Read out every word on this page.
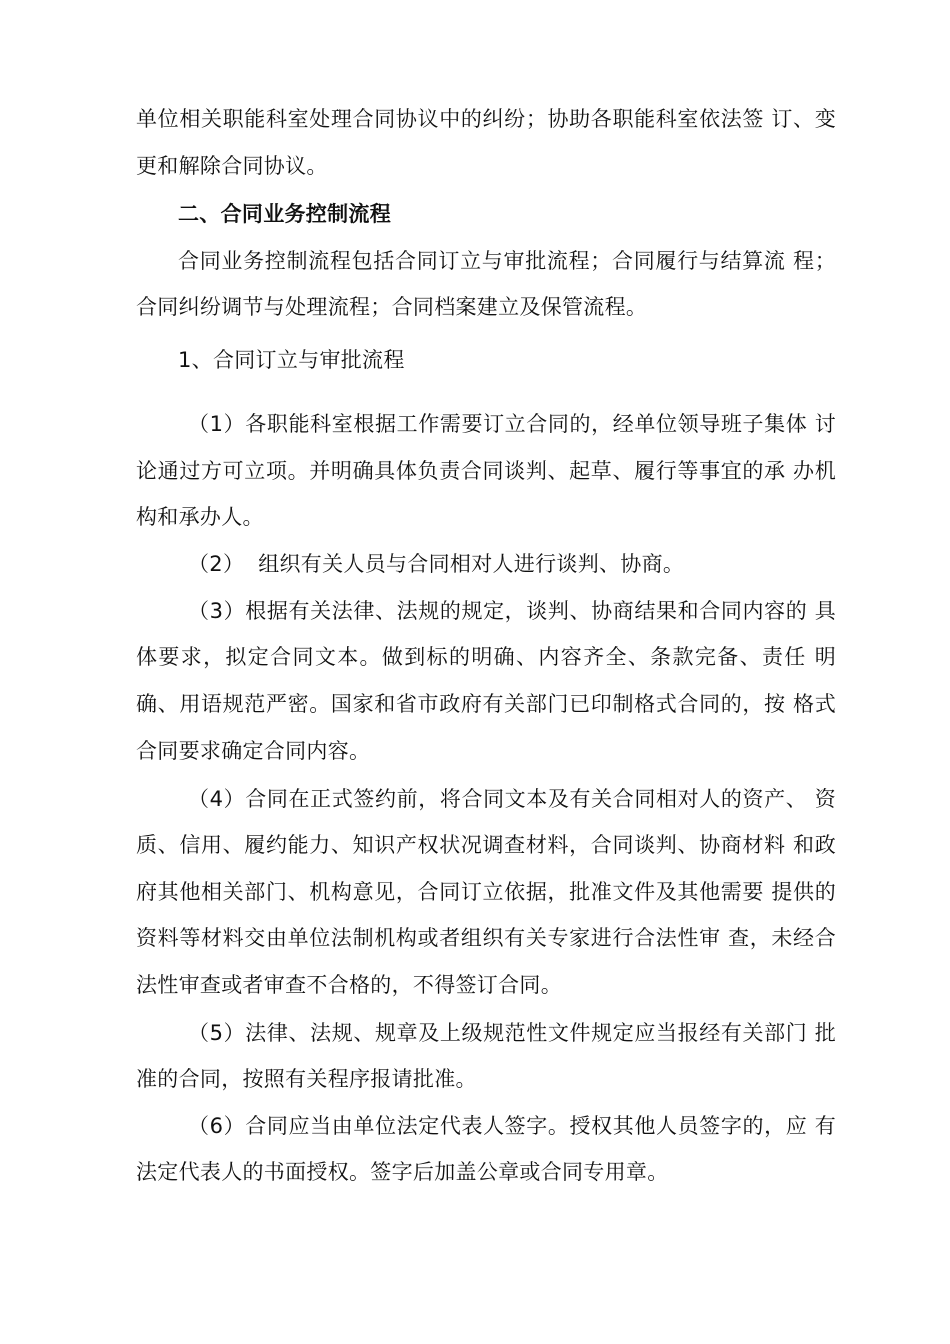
单位相关职能科室处理合同协议中的纠纷；协助各职能科室依法签 订、变
更和解除合同协议。
二、合同业务控制流程
合同业务控制流程包括合同订立与审批流程；合同履行与结算流 程；
合同纠纷调节与处理流程；合同档案建立及保管流程。
1、合同订立与审批流程
（1）各职能科室根据工作需要订立合同的，经单位领导班子集体 讨
论通过方可立项。并明确具体负责合同谈判、起草、履行等事宜的承 办机
构和承办人。
（2）  组织有关人员与合同相对人进行谈判、协商。
（3）根据有关法律、法规的规定，谈判、协商结果和合同内容的 具
体要求，拟定合同文本。做到标的明确、内容齐全、条款完备、责任 明
确、用语规范严密。国家和省市政府有关部门已印制格式合同的，按 格式
合同要求确定合同内容。
（4）合同在正式签约前，将合同文本及有关合同相对人的资产、 资
质、信用、履约能力、知识产权状况调查材料，合同谈判、协商材料 和政
府其他相关部门、机构意见，合同订立依据，批准文件及其他需要 提供的
资料等材料交由单位法制机构或者组织有关专家进行合法性审 查，未经合
法性审查或者审查不合格的，不得签订合同。
（5）法律、法规、规章及上级规范性文件规定应当报经有关部门 批
准的合同，按照有关程序报请批准。
（6）合同应当由单位法定代表人签字。授权其他人员签字的，应 有
法定代表人的书面授权。签字后加盖公章或合同专用章。
